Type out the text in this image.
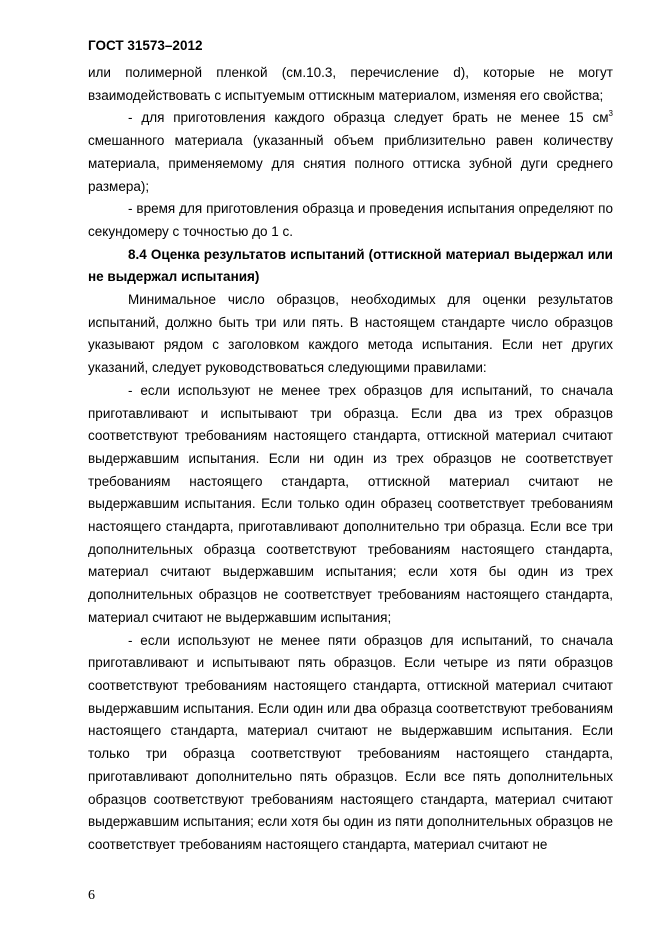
ГОСТ 31573–2012

или полимерной пленкой (см.10.3, перечисление d), которые не могут взаимодействовать с испытуемым оттискным материалом, изменяя его свойства;

- для приготовления каждого образца следует брать не менее 15 $см^3$ смешанного материала (указанный объем приблизительно равен количеству материала, применяемому для снятия полного оттиска зубной дуги среднего размера);

- время для приготовления образца и проведения испытания определяют по секундомеру с точностью до 1 с.

8.4 Оценка результатов испытаний (оттискной материал выдержал или не выдержал испытания)

Минимальное число образцов, необходимых для оценки результатов испытаний, должно быть три или пять. В настоящем стандарте число образцов указывают рядом с заголовком каждого метода испытания. Если нет других указаний, следует руководствоваться следующими правилами:

- если используют не менее трех образцов для испытаний, то сначала приготавливают и испытывают три образца. Если два из трех образцов соответствуют требованиям настоящего стандарта, оттискной материал считают выдержавшим испытания. Если ни один из трех образцов не соответствует требованиям настоящего стандарта, оттискной материал считают не выдержавшим испытания. Если только один образец соответствует требованиям настоящего стандарта, приготавливают дополнительно три образца. Если все три дополнительных образца соответствуют требованиям настоящего стандарта, материал считают выдержавшим испытания; если хотя бы один из трех дополнительных образцов не соответствует требованиям настоящего стандарта, материал считают не выдержавшим испытания;

- если используют не менее пяти образцов для испытаний, то сначала приготавливают и испытывают пять образцов. Если четыре из пяти образцов соответствуют требованиям настоящего стандарта, оттискной материал считают выдержавшим испытания. Если один или два образца соответствуют требованиям настоящего стандарта, материал считают не выдержавшим испытания. Если только три образца соответствуют требованиям настоящего стандарта, приготавливают дополнительно пять образцов. Если все пять дополнительных образцов соответствуют требованиям настоящего стандарта, материал считают выдержавшим испытания; если хотя бы один из пяти дополнительных образцов не соответствует требованиям настоящего стандарта, материал считают не

6
